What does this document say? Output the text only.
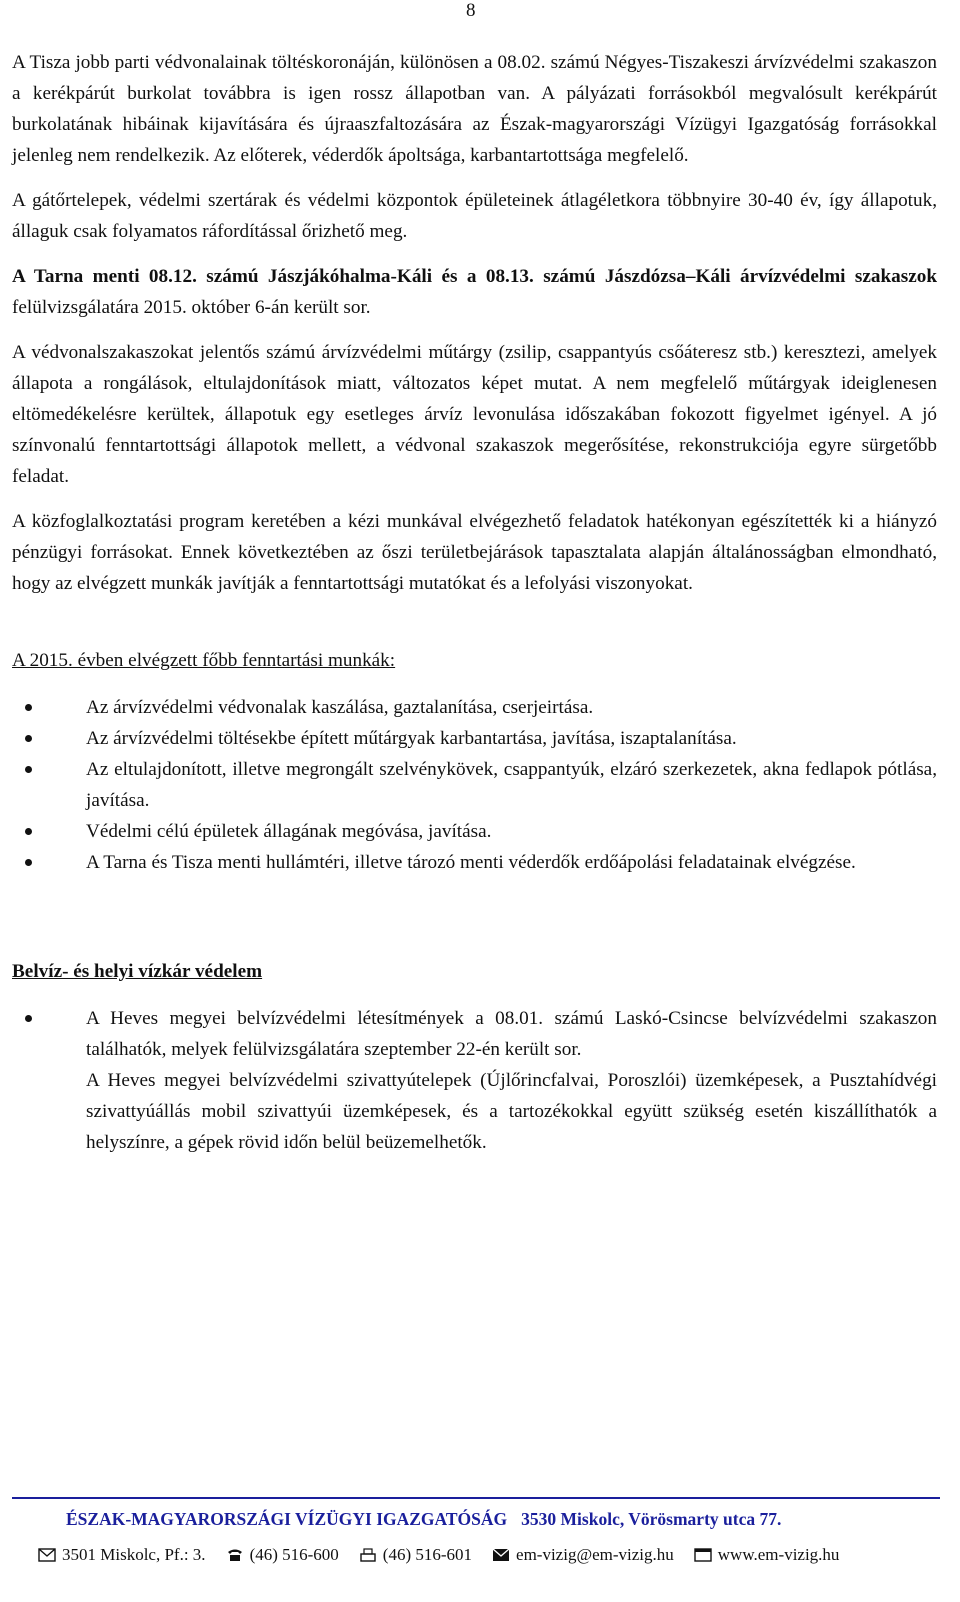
8

A Tisza jobb parti védvonalainak töltéskoronáján, különösen a 08.02. számú Négyes-Tiszakeszi árvízvédelmi szakaszon a kerékpárút burkolat továbbra is igen rossz állapotban van. A pályázati forrásokból megvalósult kerékpárút burkolatának hibáinak kijavítására és újraaszfaltozására az Észak-magyarországi Vízügyi Igazgatóság forrásokkal jelenleg nem rendelkezik. Az előterek, véderdők ápoltsága, karbantartottsága megfelelő.

A gátőrtelepek, védelmi szertárak és védelmi központok épületeinek átlagéletkora többnyire 30-40 év, így állapotuk, állaguk csak folyamatos ráfordítással őrizhető meg.

A Tarna menti 08.12. számú Jászjákóhalma-Káli és a 08.13. számú Jászdózsa–Káli árvízvédelmi szakaszok felülvizsgálatára 2015. október 6-án került sor.

A védvonalszakaszokat jelentős számú árvízvédelmi műtárgy (zsilip, csappantyús csőáteresz stb.) keresztezi, amelyek állapota a rongálások, eltulajdonítások miatt, változatos képet mutat. A nem megfelelő műtárgyak ideiglenesen eltömedékelésre kerültek, állapotuk egy esetleges árvíz levonulása időszakában fokozott figyelmet igényel. A jó színvonalú fenntartottsági állapotok mellett, a védvonal szakaszok megerősítése, rekonstrukciója egyre sürgetőbb feladat.

A közfoglalkoztatási program keretében a kézi munkával elvégezhető feladatok hatékonyan egészítették ki a hiányzó pénzügyi forrásokat. Ennek következtében az őszi területbejárások tapasztalata alapján általánosságban elmondható, hogy az elvégzett munkák javítják a fenntartottsági mutatókat és a lefolyási viszonyokat.

A 2015. évben elvégzett főbb fenntartási munkák:

Az árvízvédelmi védvonalak kaszálása, gaztalanítása, cserjeirtása.
Az árvízvédelmi töltésekbe épített műtárgyak karbantartása, javítása, iszaptalanítása.
Az eltulajdonított, illetve megrongált szelvénykövek, csappantyúk, elzáró szerkezetek, akna fedlapok pótlása, javítása.
Védelmi célú épületek állagának megóvása, javítása.
A Tarna és Tisza menti hullámtéri, illetve tározó menti véderdők erdőápolási feladatainak elvégzése.

Belvíz- és helyi vízkár védelem

A Heves megyei belvízvédelmi létesítmények a 08.01. számú Laskó-Csincse belvízvédelmi szakaszon találhatók, melyek felülvizsgálatára szeptember 22-én került sor.
A Heves megyei belvízvédelmi szivattyútelepek (Újlőrincfalvai, Poroszlói) üzemképesek, a Pusztahídvégi szivattyúállás mobil szivattyúi üzemképesek, és a tartozékokkal együtt szükség esetén kiszállíthatók a helyszínre, a gépek rövid időn belül beüzemelhetők.
ÉSZAK-MAGYARORSZÁGI VÍZÜGYI IGAZGATÓSÁG 3530 Miskolc, Vörösmarty utca 77.
3501 Miskolc, Pf.: 3.	(46) 516-600	(46) 516-601	em-vizig@em-vizig.hu	www.em-vizig.hu
